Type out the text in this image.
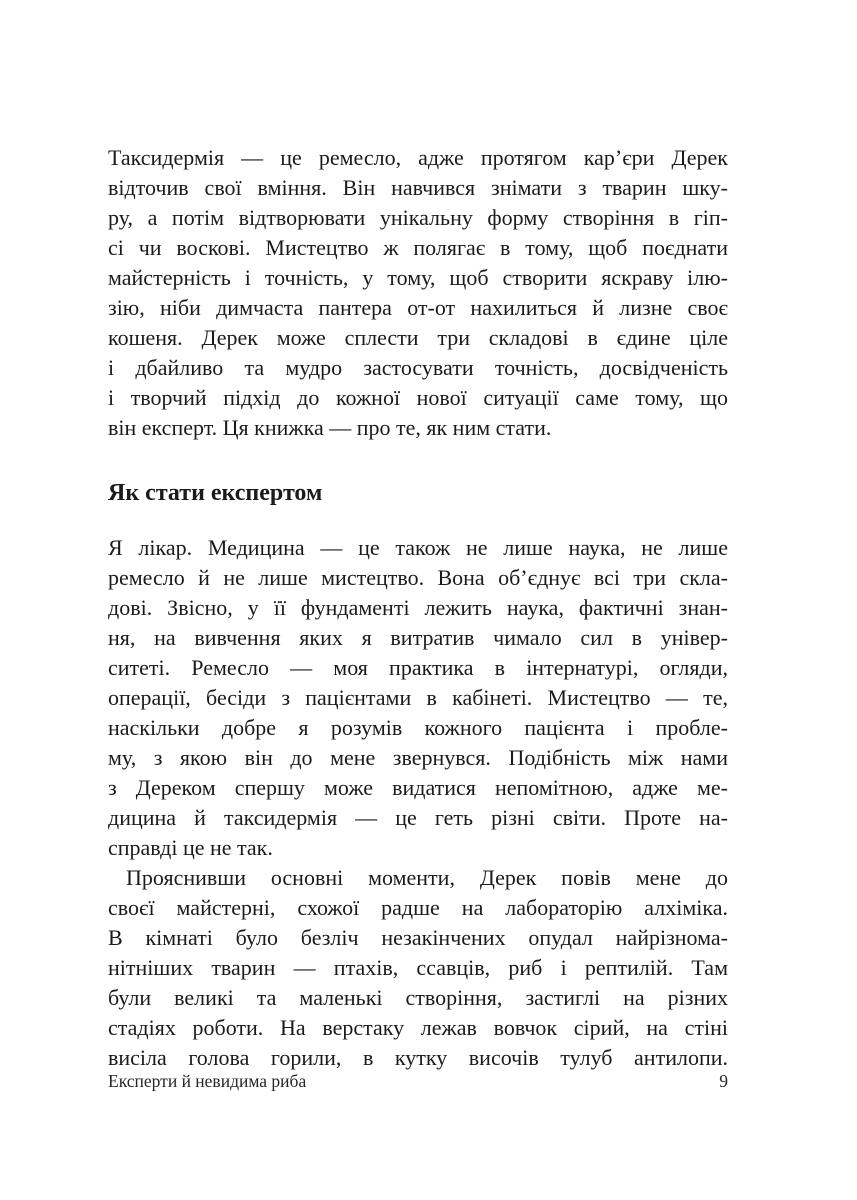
Таксидермія — це ремесло, адже протягом кар’єри Дерек
відточив свої вміння. Він навчився знімати з тварин шку-
ру, а потім відтворювати унікальну форму створіння в гіп-
сі чи воскові. Мистецтво ж полягає в тому, щоб поєднати
майстерність і точність, у тому, щоб створити яскраву ілю-
зію, ніби димчаста пантера от-от нахилиться й лизне своє
кошеня. Дерек може сплести три складові в єдине ціле
і дбайливо та мудро застосувати точність, досвідченість
і творчий підхід до кожної нової ситуації саме тому, що
він експерт. Ця книжка — про те, як ним стати.
Як стати експертом
Я лікар. Медицина — це також не лише наука, не лише
ремесло й не лише мистецтво. Вона об’єднує всі три скла-
дові. Звісно, у її фундаменті лежить наука, фактичні знан-
ня, на вивчення яких я витратив чимало сил в універ-
ситеті. Ремесло — моя практика в інтернатурі, огляди,
операції, бесіди з пацієнтами в кабінеті. Мистецтво — те,
наскільки добре я розумів кожного пацієнта і пробле-
му, з якою він до мене звернувся. Подібність між нами
з Дереком спершу може видатися непомітною, адже ме-
дицина й таксидермія — це геть різні світи. Проте на-
справді це не так.
Прояснивши основні моменти, Дерек повів мене до
своєї майстерні, схожої радше на лабораторію алхіміка.
В кімнаті було безліч незакінчених опудал найрізнома-
нітніших тварин — птахів, ссавців, риб і рептилій. Там
були великі та маленькі створіння, застиглі на різних
стадіях роботи. На верстаку лежав вовчок сірий, на стіні
висіла голова горили, в кутку височів тулуб антилопи.
Експерти й невидима риба	9
